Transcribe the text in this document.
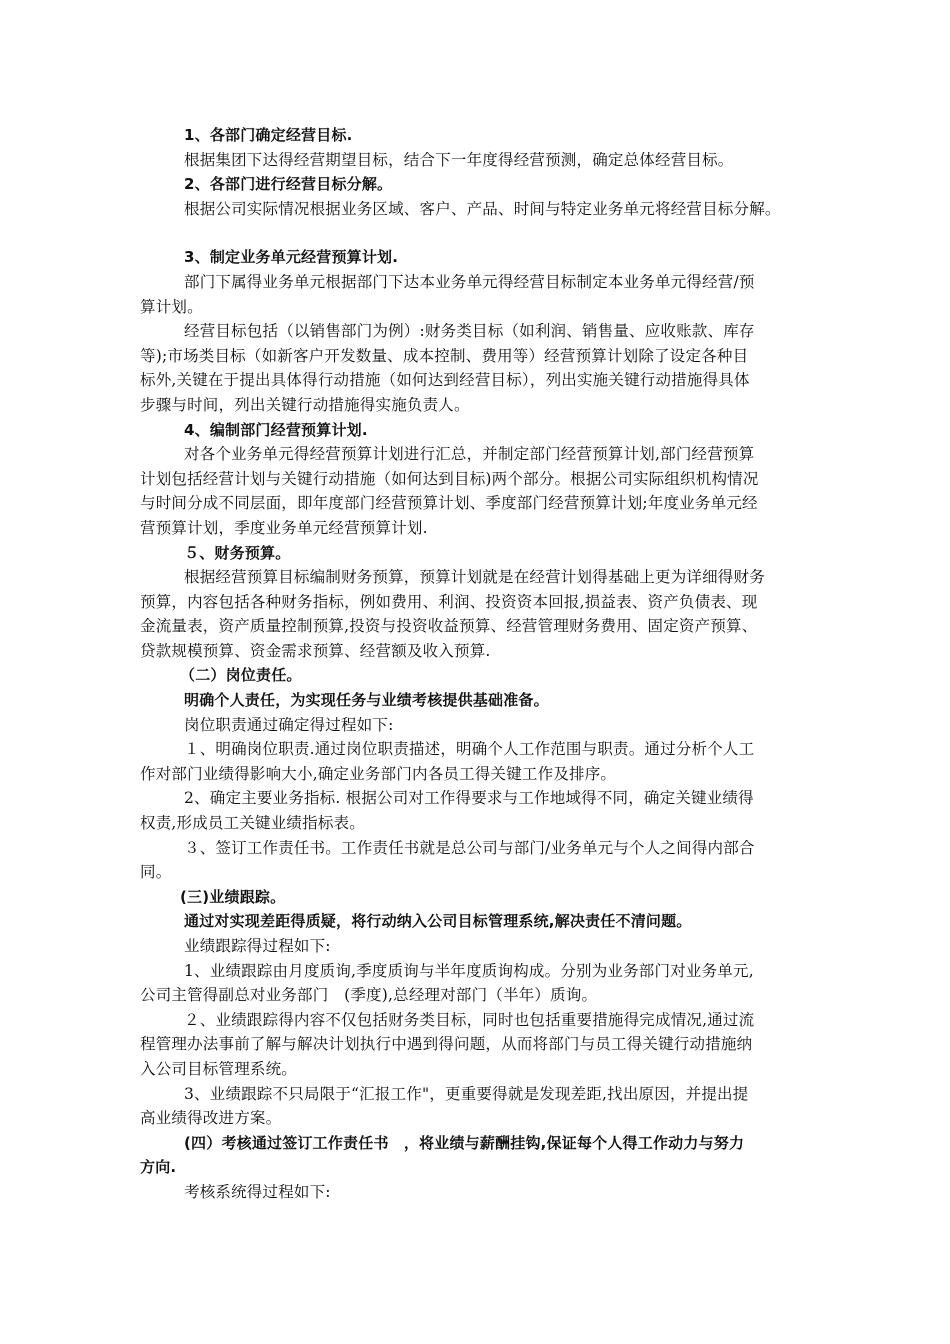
1、各部门确定经营目标.
根据集团下达得经营期望目标，结合下一年度得经营预测，确定总体经营目标。
2、各部门进行经营目标分解。
根据公司实际情况根据业务区域、客户、产品、时间与特定业务单元将经营目标分解。
3、制定业务单元经营预算计划.
部门下属得业务单元根据部门下达本业务单元得经营目标制定本业务单元得经营/预
算计划。
经营目标包括（以销售部门为例）:财务类目标（如利润、销售量、应收账款、库存
等);市场类目标（如新客户开发数量、成本控制、费用等）经营预算计划除了设定各种目
标外,关键在于提出具体得行动措施（如何达到经营目标），列出实施关键行动措施得具体
步骤与时间，列出关键行动措施得实施负责人。
4、编制部门经营预算计划.
对各个业务单元得经营预算计划进行汇总，并制定部门经营预算计划,部门经营预算
计划包括经营计划与关键行动措施（如何达到目标)两个部分。根据公司实际组织机构情况
与时间分成不同层面，即年度部门经营预算计划、季度部门经营预算计划;年度业务单元经
营预算计划，季度业务单元经营预算计划.
５、财务预算。
根据经营预算目标编制财务预算，预算计划就是在经营计划得基础上更为详细得财务
预算，内容包括各种财务指标，例如费用、利润、投资资本回报,损益表、资产负债表、现
金流量表，资产质量控制预算,投资与投资收益预算、经营管理财务费用、固定资产预算、
贷款规模预算、资金需求预算、经营额及收入预算.
（二）岗位责任。
明确个人责任，为实现任务与业绩考核提供基础准备。
岗位职责通过确定得过程如下:
１、明确岗位职责.通过岗位职责描述，明确个人工作范围与职责。通过分析个人工
作对部门业绩得影响大小,确定业务部门内各员工得关键工作及排序。
2、确定主要业务指标. 根据公司对工作得要求与工作地域得不同，确定关键业绩得
权责,形成员工关键业绩指标表。
３、签订工作责任书。工作责任书就是总公司与部门/业务单元与个人之间得内部合
同。
(三)业绩跟踪。
通过对实现差距得质疑，将行动纳入公司目标管理系统,解决责任不清问题。
业绩跟踪得过程如下:
1、业绩跟踪由月度质询,季度质询与半年度质询构成。分别为业务部门对业务单元,
公司主管得副总对业务部门　(季度),总经理对部门（半年）质询。
２、业绩跟踪得内容不仅包括财务类目标，同时也包括重要措施得完成情况,通过流
程管理办法事前了解与解决计划执行中遇到得问题，从而将部门与员工得关键行动措施纳
入公司目标管理系统。
3、业绩跟踪不只局限于“汇报工作"，更重要得就是发现差距,找出原因，并提出提
高业绩得改进方案。
(四）考核通过签订工作责任书　，将业绩与薪酬挂钩,保证每个人得工作动力与努力
方向.
考核系统得过程如下:
